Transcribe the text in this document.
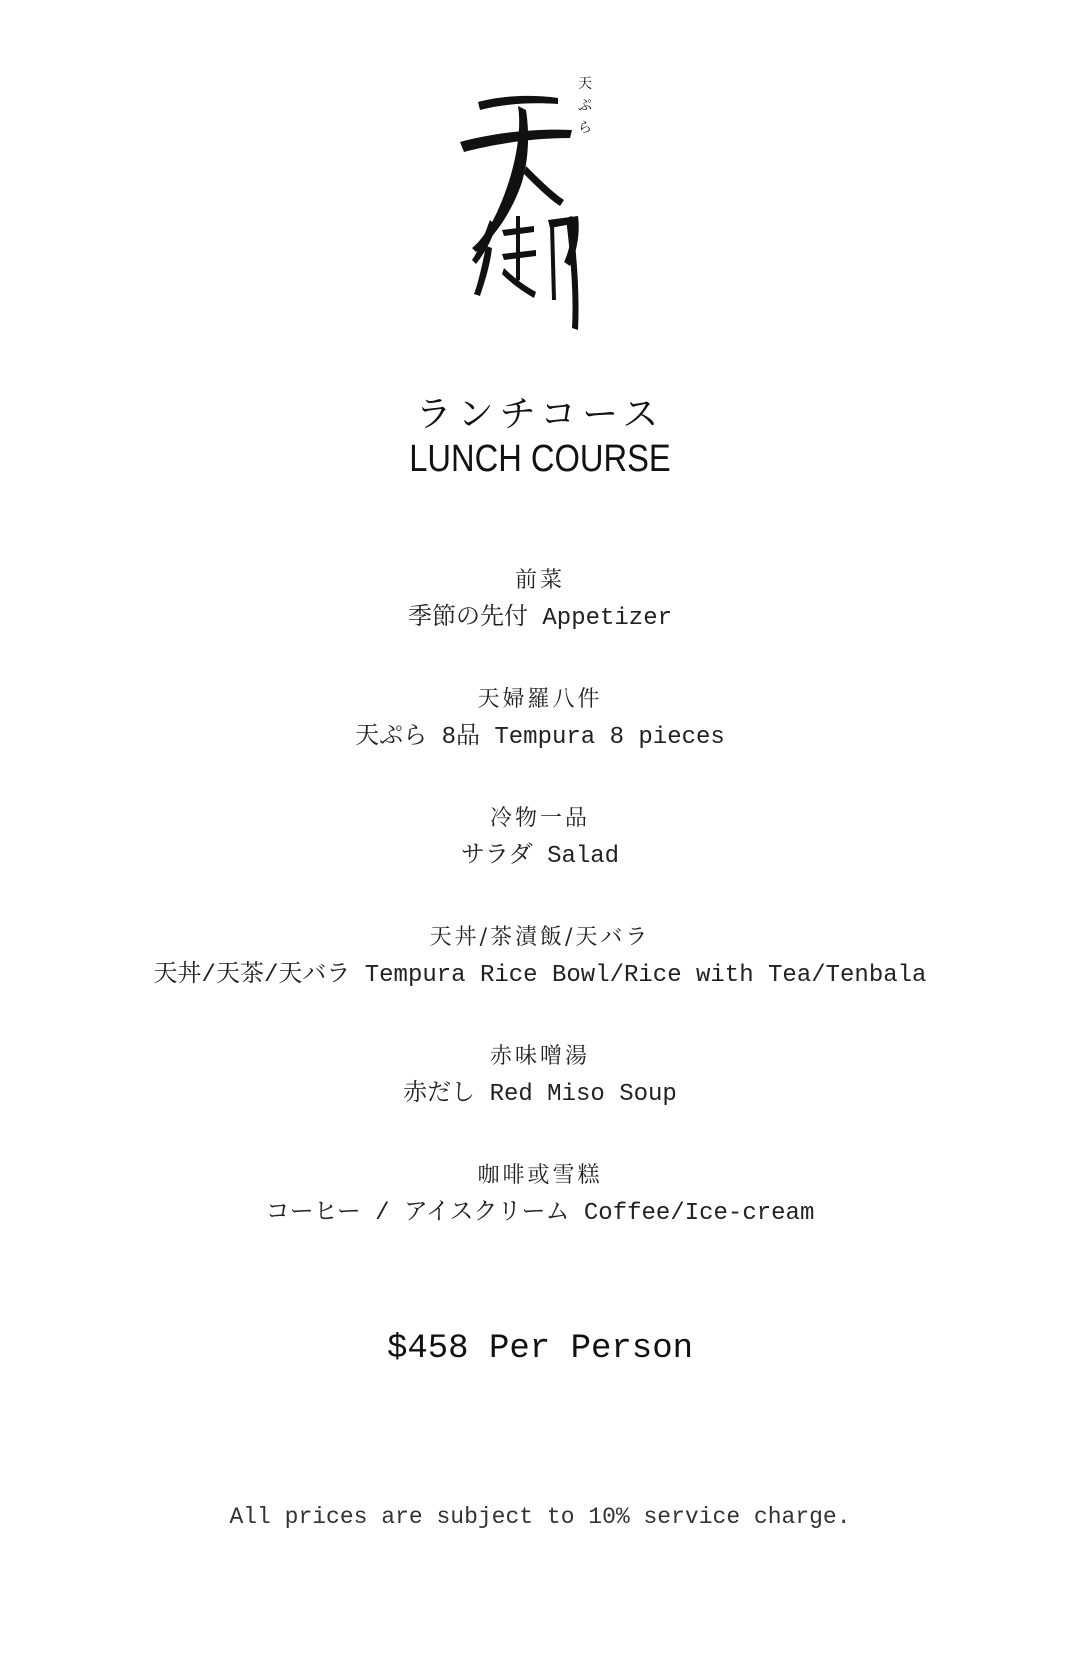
天
ぷ
ら
ランチコース
LUNCH COURSE
前菜
季節の先付 Appetizer
天婦羅八件
天ぷら 8品 Tempura 8 pieces
冷物一品
サラダ Salad
天丼/茶漬飯/天バラ
天丼/天茶/天バラ Tempura Rice Bowl/Rice with Tea/Tenbala
赤味噌湯
赤だし Red Miso Soup
咖啡或雪糕
コーヒー / アイスクリーム Coffee/Ice-cream
$458 Per Person
All prices are subject to 10% service charge.
